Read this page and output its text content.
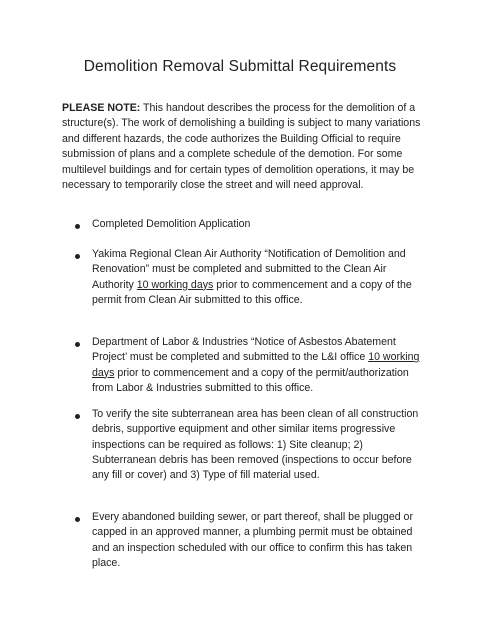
Demolition Removal Submittal Requirements
PLEASE NOTE: This handout describes the process for the demolition of a structure(s). The work of demolishing a building is subject to many variations and different hazards, the code authorizes the Building Official to require submission of plans and a complete schedule of the demotion. For some multilevel buildings and for certain types of demolition operations, it may be necessary to temporarily close the street and will need approval.
Completed Demolition Application
Yakima Regional Clean Air Authority “Notification of Demolition and Renovation” must be completed and submitted to the Clean Air Authority 10 working days prior to commencement and a copy of the permit from Clean Air submitted to this office.
Department of Labor & Industries “Notice of Asbestos Abatement Project’ must be completed and submitted to the L&I office 10 working days prior to commencement and a copy of the permit/authorization from Labor & Industries submitted to this office.
To verify the site subterranean area has been clean of all construction debris, supportive equipment and other similar items progressive inspections can be required as follows: 1) Site cleanup; 2) Subterranean debris has been removed (inspections to occur before any fill or cover) and 3) Type of fill material used.
Every abandoned building sewer, or part thereof, shall be plugged or capped in an approved manner, a plumbing permit must be obtained and an inspection scheduled with our office to confirm this has taken place.
